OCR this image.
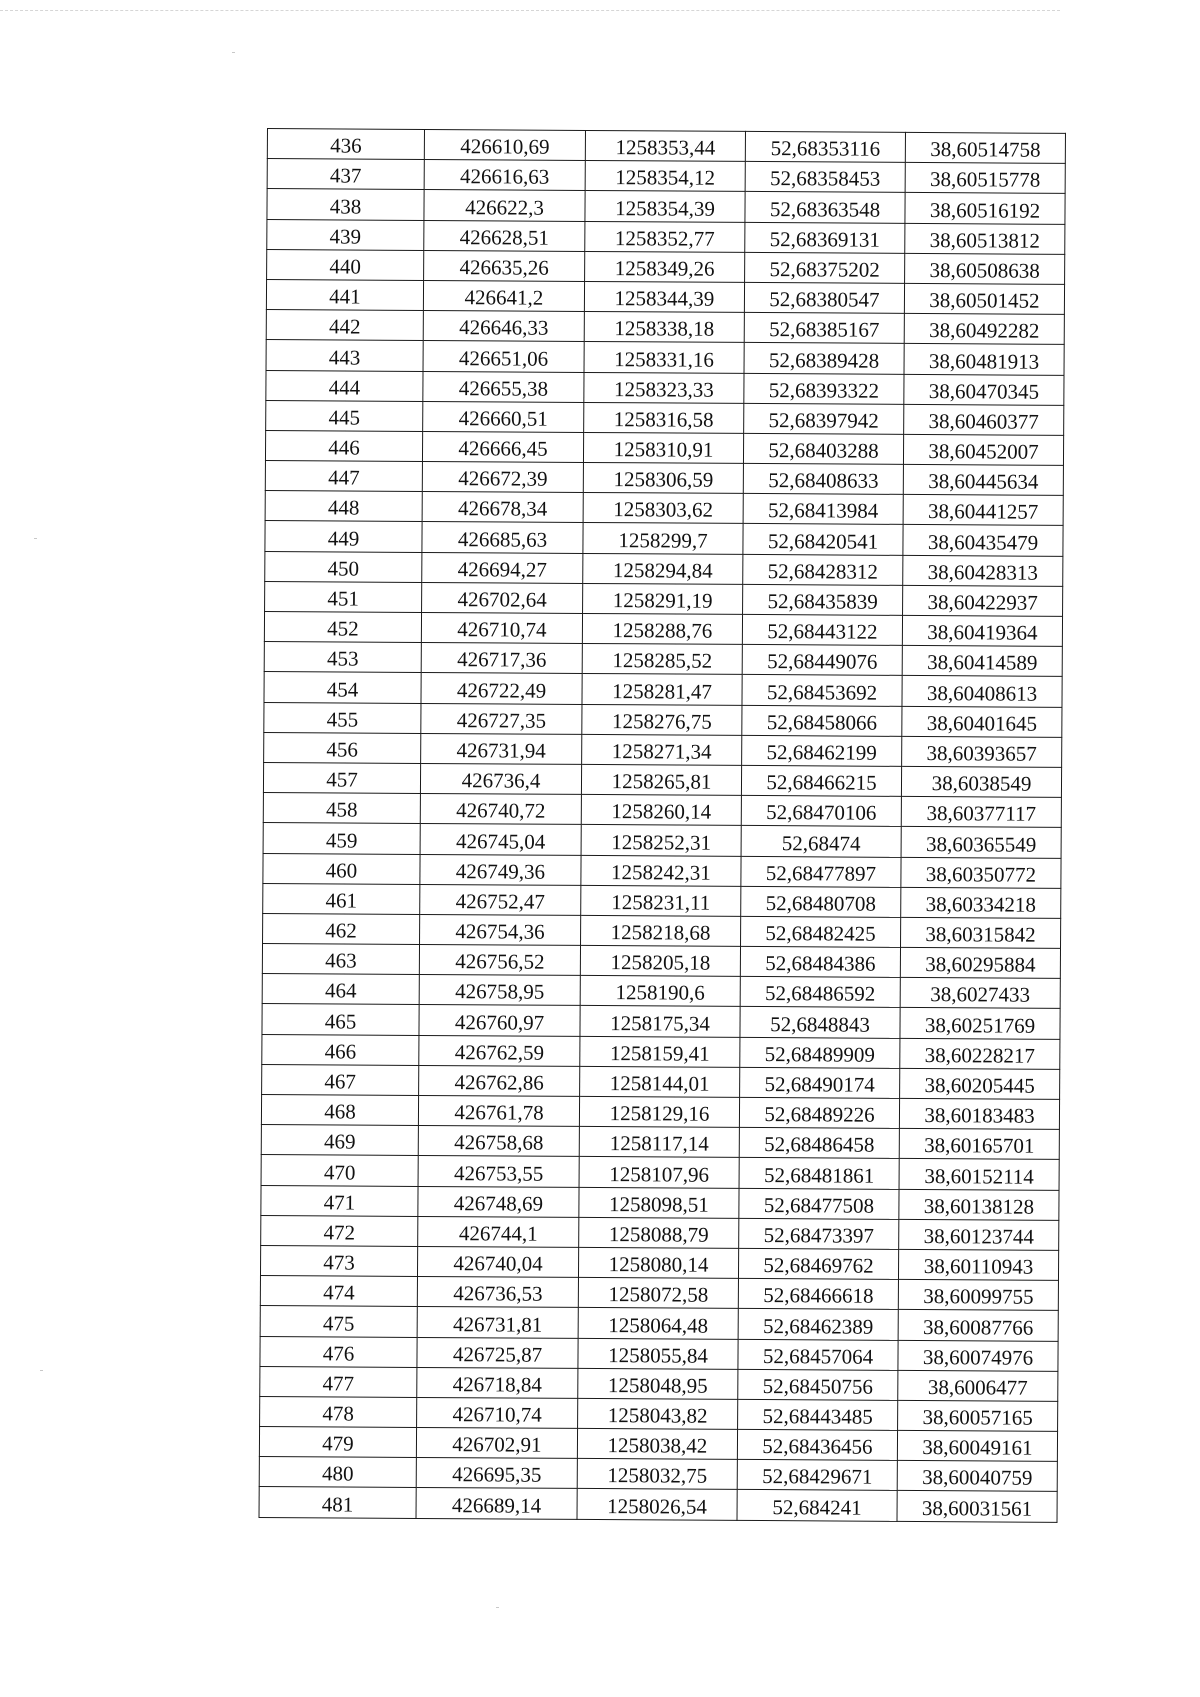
436	426610,69	1258353,44	52,68353116	38,60514758
437	426616,63	1258354,12	52,68358453	38,60515778
438	426622,3	1258354,39	52,68363548	38,60516192
439	426628,51	1258352,77	52,68369131	38,60513812
440	426635,26	1258349,26	52,68375202	38,60508638
441	426641,2	1258344,39	52,68380547	38,60501452
442	426646,33	1258338,18	52,68385167	38,60492282
443	426651,06	1258331,16	52,68389428	38,60481913
444	426655,38	1258323,33	52,68393322	38,60470345
445	426660,51	1258316,58	52,68397942	38,60460377
446	426666,45	1258310,91	52,68403288	38,60452007
447	426672,39	1258306,59	52,68408633	38,60445634
448	426678,34	1258303,62	52,68413984	38,60441257
449	426685,63	1258299,7	52,68420541	38,60435479
450	426694,27	1258294,84	52,68428312	38,60428313
451	426702,64	1258291,19	52,68435839	38,60422937
452	426710,74	1258288,76	52,68443122	38,60419364
453	426717,36	1258285,52	52,68449076	38,60414589
454	426722,49	1258281,47	52,68453692	38,60408613
455	426727,35	1258276,75	52,68458066	38,60401645
456	426731,94	1258271,34	52,68462199	38,60393657
457	426736,4	1258265,81	52,68466215	38,6038549
458	426740,72	1258260,14	52,68470106	38,60377117
459	426745,04	1258252,31	52,68474	38,60365549
460	426749,36	1258242,31	52,68477897	38,60350772
461	426752,47	1258231,11	52,68480708	38,60334218
462	426754,36	1258218,68	52,68482425	38,60315842
463	426756,52	1258205,18	52,68484386	38,60295884
464	426758,95	1258190,6	52,68486592	38,6027433
465	426760,97	1258175,34	52,6848843	38,60251769
466	426762,59	1258159,41	52,68489909	38,60228217
467	426762,86	1258144,01	52,68490174	38,60205445
468	426761,78	1258129,16	52,68489226	38,60183483
469	426758,68	1258117,14	52,68486458	38,60165701
470	426753,55	1258107,96	52,68481861	38,60152114
471	426748,69	1258098,51	52,68477508	38,60138128
472	426744,1	1258088,79	52,68473397	38,60123744
473	426740,04	1258080,14	52,68469762	38,60110943
474	426736,53	1258072,58	52,68466618	38,60099755
475	426731,81	1258064,48	52,68462389	38,60087766
476	426725,87	1258055,84	52,68457064	38,60074976
477	426718,84	1258048,95	52,68450756	38,6006477
478	426710,74	1258043,82	52,68443485	38,60057165
479	426702,91	1258038,42	52,68436456	38,60049161
480	426695,35	1258032,75	52,68429671	38,60040759
481	426689,14	1258026,54	52,684241	38,60031561
